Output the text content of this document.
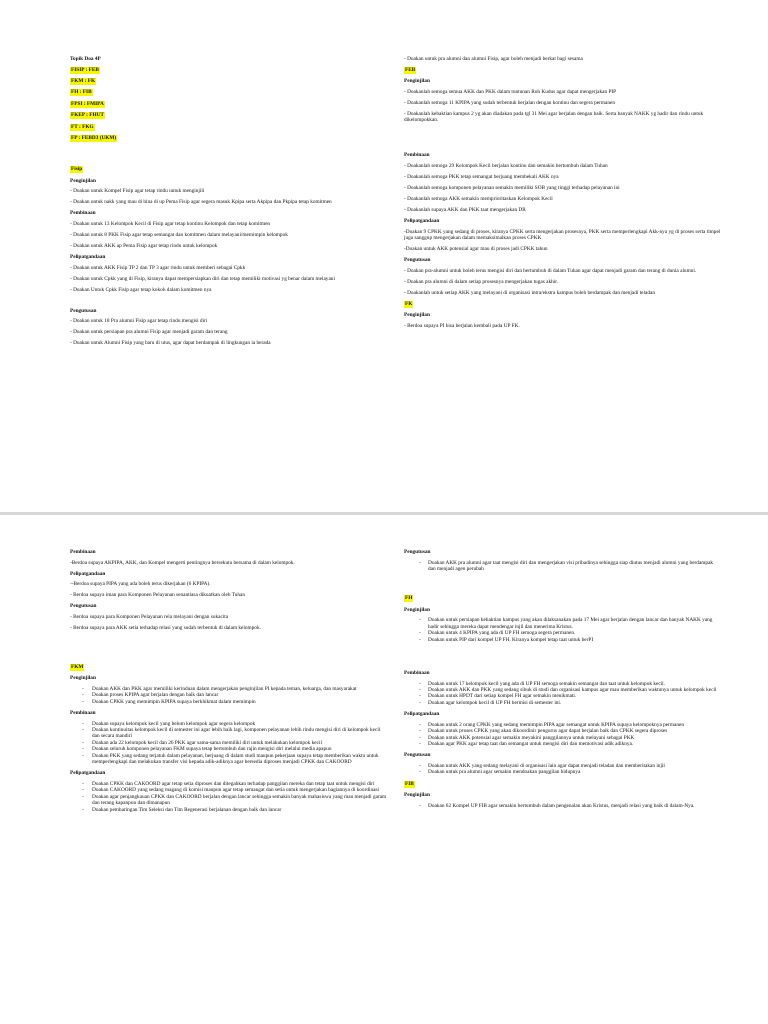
Topik Doa 4P

FISIP : FEB
FKM : FK
FH : FIB
FPSI : FMIPA
FKEP : FHUT
FT : FKG
FP : FEBD3 (UKM)
Fisip

Penginjilan

- Doakan untuk Kompel Fisip agar tetap rindu untuk menginjili

- Doakan untuk nakk yang mau di bina di up Pema Fisip agar segera masuk Kpipa serta Akpipa dan Pkpipa tetap komitmen

Pembinaan

- Doakan untuk 13 Kelompok Kecil di Fisip agar tetap kontinu Kelompok dan tetap komitmen

- Doakan untuk 8 PKK Fisip agar tetap semangat dan komitmen dalam melayani/memimpin kelompok

- Doakan untuk AKK ap Pema Fisip agar tetap rindu untuk kelompok

Pelipatgandaan

- Doakan untuk AKK Fisip TP 2 dan TP 3 agar rindu untuk memberi sebagai Cpkk

- Doakan untuk Cpkk yang di Fisip, kiranya dapat mempersiapkan diri dan tetap memiliki motivasi yg benar dalam melayani

- Doakan Untuk Cpkk Fisip agar tetap kokoh dalam komitmen nya

Pengutusan

- Doakan untuk 18 Pra alumni Fisip agar tetap rindu mengisi diri

- Doakan untuk persiapan pra alumni Fisip agar menjadi garam dan terang

- Doakan untuk Alumni Fisip yang baru di utus, agar dapat berdampak di lingkungan ia berada

- Doakan untuk pra alumni dan alumni Fisip, agar boleh menjadi berkat bagi sesama

FEB

Penginjilan

- Doakanlah semoga semua AKK dan PKK dalam tuntunan Roh Kudus agar dapat mengerjakan PIP

- Doakanlah semoga 11 KPIPA yang sudah terbentuk berjalan dengan kontinu dan segera permanen

- Doakanlah kebaktian kampus 2 yg akan diadakan pada tgl 31 Mei agar berjalan dengan baik. Serta banyak NAKK yg hadir dan rindu untuk dikelompokkan.

Pembinaan

- Doakanlah semoga 29 Kelompok Kecil berjalan kontinu dan semakin bertumbuh dalam Tuhan

- Doakanlah semoga PKK tetap semangat berjuang membekali AKK nya

- Doakanlah semoga komponen pelayanan semakin memiliki SOB yang tinggi terhadap pelayanan ini

- Doakanlah semoga AKK semakin memprioritaskan Kelompok Kecil

- Doakanlah supaya AKK dan PKK taat mengerjakan DR

Pelipatgandaan

-Doakan 9 CPKK yang sedang di proses, kiranya CPKK serta mengerjakan prosesnya, PKK serta memperlengkapi Akk-nya yg di proses serta timpel juga sanggup mengerjakan dalam memaksimalkan proses CPKK

-Doakan untuk AKK potensial agar mau di proses jadi CPKK tahun

Pengutusan

- Doakan pra-alumni untuk boleh terus mengisi diri dan bertumbuh di dalam Tuhan agar dapat menjadi garam dan terang di dunia alumni.

- Doakan pra alumni di dalam setiap prosesnya mengerjakan tugas akhir.

- Doakanlah untuk setiap AKK yang melayani di organisasi intra/ekstra kampus boleh berdampak dan menjadi teladan

FK

Penginjilan

- Berdoa supaya PI bisa berjalan kembali pada UP FK.

Pembinaan

-Berdoa supaya AKPIPA, AKK, dan Kompel mengerti pentingnya bersekutu bersama di dalam kelompok.

Pelipatgandaan

--Berdoa supaya PIPA yang ada boleh terus dikerjakan (6 KPIPA).

- Berdoa supaya iman para Komponen Pelayanan senantiasa dikuatkan oleh Tuhan

Pengutusan

- Berdoa supaya para Komponen Pelayanan rela melayani dengan sukacita

- Berdoa supaya para AKK setia terhadap relasi yang sudah terbentuk di dalam kelompok.

FKM

Penginjilan

- Doakan AKK dan PKK agar memiliki kerinduan dalam mengerjakan penginjilan PI kepada teman, keluarga, dan masyarakat
- Doakan proses KPIPA agar berjalan dengan baik dan lancar
- Doakan CPKK yang memimpin KPIPA supaya berkhikmat dalam memimpin

Pembinaan

- Doakan supaya kelompok kecil yang belum kelompok agar segera kelompok
- Doakan kontinuitas kelompok kecil di semester ini agar lebih baik lagi, komponen pelayanan lebih rindu mengisi diri di kelompok kecil dan secara mandiri
- Doakan ada 22 kelompok kecil dan 26 PKK agar sama-sama memiliki diri untuk melakukan kelompok kecil
- Doakan seluruh komponen pelayanan FKM supaya tetap bertumbuh dan rajin mengisi diri melalui media apapun
- Doakan PKK yang sedang terjatuh dalam pelayanan, berjuang di dalam studi maupun pekerjaan supaya tetap memberikan waktu untuk memperlengkapi dan melakukan transfer visi kepada adik-adiknya agar bersedia diproses menjadi CPKK dan CAKOORD

Pelipatgandaan

- Doakan CPKK dan CAKOORD agar tetap setia diproses dan ditegahkan terhadap panggilan mereka dan tetap taat untuk mengisi diri
- Doakan CAKOORD yang sedang magang di komisi maupun agar tetap semangat dan setia untuk mengerjakan bagiannya di koordinasi
- Doakan agar penjangkauan CPKK dan CAKOORD berjalan dengan lancar sehingga semakin banyak mahasiswa yang mau menjadi garam dan terang kapanpun dan dimanapun
- Doakan pembaringan Tim Seleksi dan Tim Regenerasi berjalanan dengan baik dan lancar

Pengutusan

- Doakan AKK pra alumni agar taat mengisi diri dan mengerjakan visi pribadinya sehingga siap diutus menjadi alumni yang berdampak dan menjadi agen perubah
FH

Penginjilan

- Doakan untuk persiapan kebaktian kampus yang akan dilaksanakan pada 17 Mei agar berjalan dengan lancar dan banyak NAKK yang hadir sehingga mereka dapat mendengar injil dan menerima Kristus.
- Doakan untuk 4 KPIPA yang ada di UP FH semoga segera permanen.
- Doakan untuk PIP dari kompel UP FH. Kiranya kompel tetap taat untuk berPI

Pembinaan

- Doakan untuk 17 kelompok kecil yang ada di UP FH semoga semakin semangat dan taat untuk kelompok kecil.
- Doakan untuk AKK dan PKK yang sedang sibuk di studi dan organisasi kampus agar mau memberikan waktunya untuk kelompok kecil
- Doakan untuk HPDT dari setiap kompel FH agar semakin menikmati.
- Doakan agar kelompok kecil di UP FH bermisi di semester ini.

Pelipatgandaan

- Doakan untuk 2 orang CPKK yang sedang memimpin PIPA agar semangat untuk KPIPA supaya kelompoknya permanen
- Doakan untuk proses CPKK yang akan dikoordinir pengurus agar dapat berjalan baik dan CPKK segera diproses
- Doakan untuk AKK potensial agar semakin meyakini panggilannya untuk melayani sebagai PKK
- Doakan agar PKK agar tetap taat dan semangat untuk mengisi diri dan memotivasi adik adiknya.

Pengutusan

- Doakan untuk AKK yang sedang melayani di organisasi lain agar dapat menjadi teladan dan memberitakan injil
- Doakan untuk pra alumni agar semakin mendoakan panggilan hidupnya
FIB

Penginjilan

- Doakan 62 Kompel UP FIB agar semakin bertumbuh dalam pengenalan akan Kristus, menjadi relasi yang baik di dalam-Nya.
